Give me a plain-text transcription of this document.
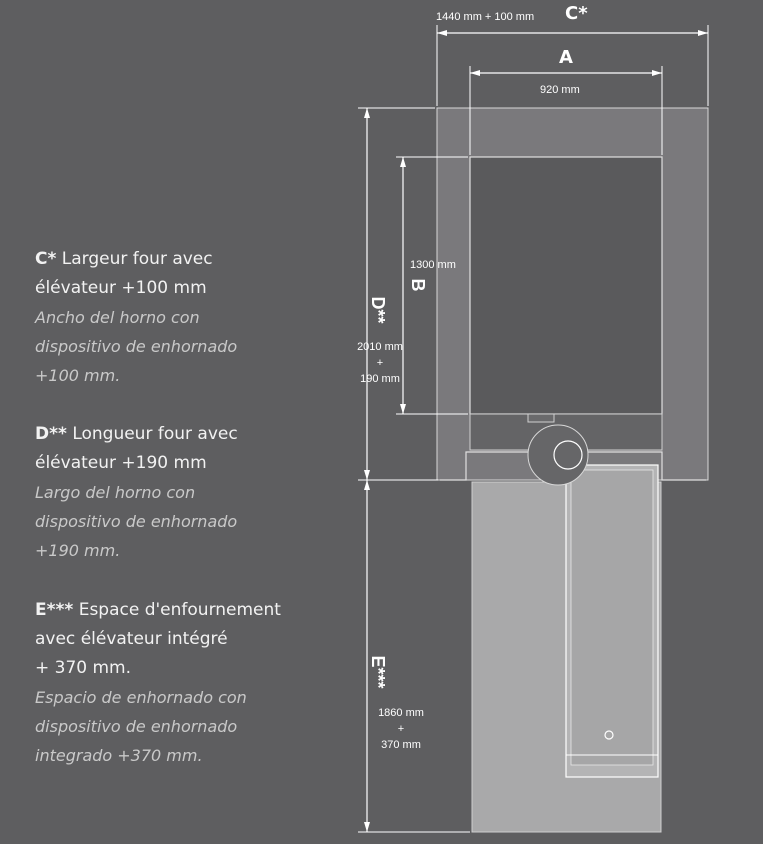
C* Largeur four avec
élévateur +100 mm
Ancho del horno con
dispositivo de enhornado
+100 mm.
D** Longueur four avec
élévateur +190 mm
Largo del horno con
dispositivo de enhornado
+190 mm.
E*** Espace d'enfournement
avec élévateur intégré
+ 370 mm.
Espacio de enhornado con
dispositivo de enhornado
integrado +370 mm.
B
D**
E***
1440 mm + 100 mm C*
A
920 mm
1300 mm
2010 mm
+
190 mm
1860 mm
+
370 mm
